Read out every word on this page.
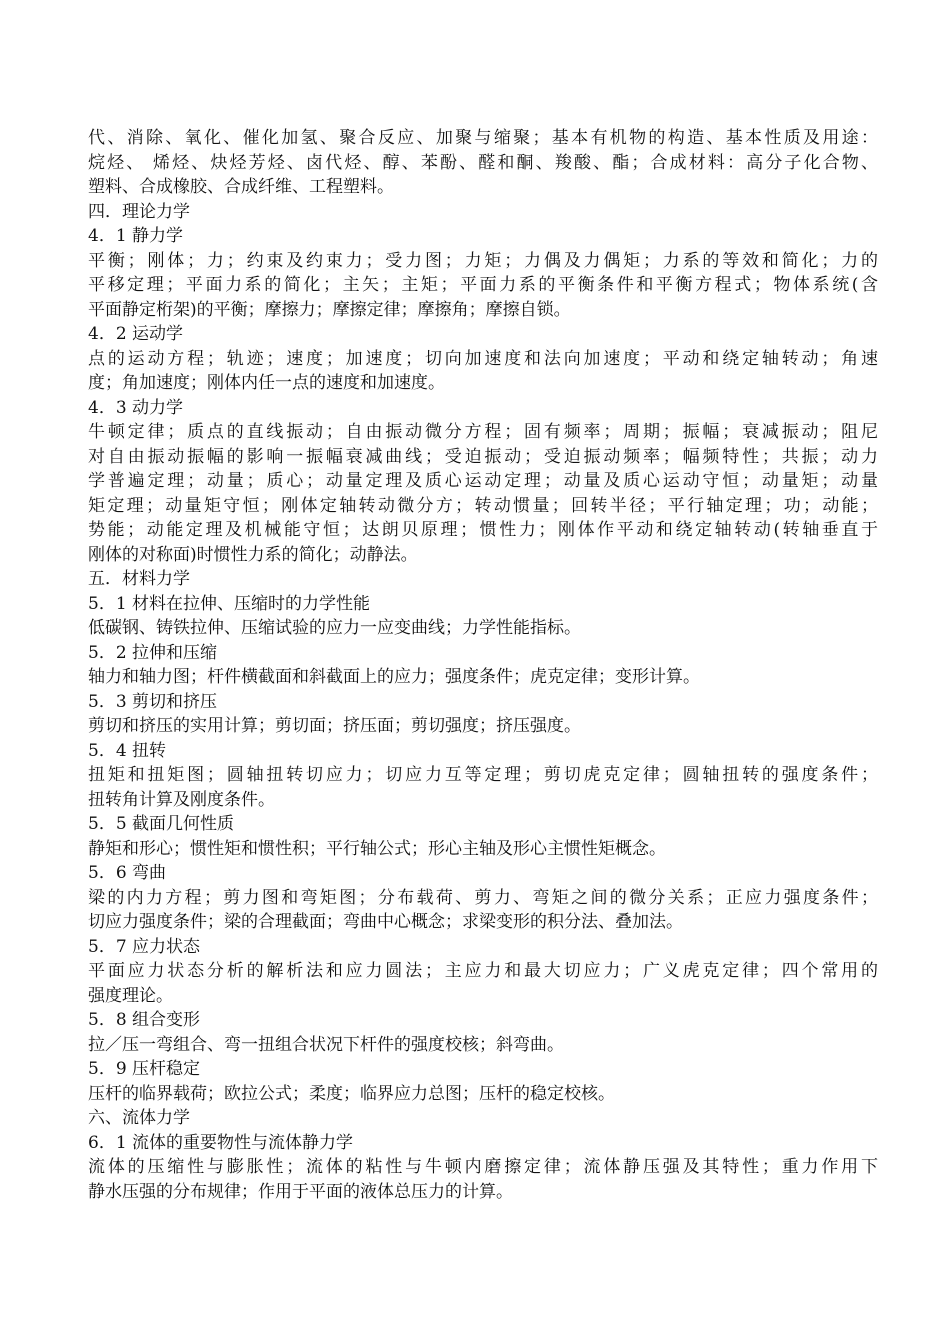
代、消除、氧化、催化加氢、聚合反应、加聚与缩聚；基本有机物的构造、基本性质及用途：
烷烃、 烯烃、炔烃芳烃、卤代烃、醇、苯酚、醛和酮、羧酸、酯；合成材料：高分子化合物、
塑料、合成橡胶、合成纤维、工程塑料。
四．理论力学
4．1 静力学
平衡；刚体；力；约束及约束力；受力图；力矩；力偶及力偶矩；力系的等效和简化；力的
平移定理；平面力系的简化；主矢；主矩；平面力系的平衡条件和平衡方程式；物体系统(含
平面静定桁架)的平衡；摩擦力；摩擦定律；摩擦角；摩擦自锁。
4．2 运动学
点的运动方程；轨迹；速度；加速度；切向加速度和法向加速度；平动和绕定轴转动；角速
度；角加速度；刚体内任一点的速度和加速度。
4．3 动力学
牛顿定律；质点的直线振动；自由振动微分方程；固有频率；周期；振幅；衰减振动；阻尼
对自由振动振幅的影响一振幅衰减曲线；受迫振动；受迫振动频率；幅频特性；共振；动力
学普遍定理；动量；质心；动量定理及质心运动定理；动量及质心运动守恒；动量矩；动量
矩定理；动量矩守恒；刚体定轴转动微分方；转动惯量；回转半径；平行轴定理；功；动能；
势能；动能定理及机械能守恒；达朗贝原理；惯性力；刚体作平动和绕定轴转动(转轴垂直于
刚体的对称面)时惯性力系的简化；动静法。
五．材料力学
5．1 材料在拉伸、压缩时的力学性能
低碳钢、铸铁拉伸、压缩试验的应力一应变曲线；力学性能指标。
5．2 拉伸和压缩
轴力和轴力图；杆件横截面和斜截面上的应力；强度条件；虎克定律；变形计算。
5．3 剪切和挤压
剪切和挤压的实用计算；剪切面；挤压面；剪切强度；挤压强度。
5．4 扭转
扭矩和扭矩图；圆轴扭转切应力；切应力互等定理；剪切虎克定律；圆轴扭转的强度条件；
扭转角计算及刚度条件。
5．5 截面几何性质
静矩和形心；惯性矩和惯性积；平行轴公式；形心主轴及形心主惯性矩概念。
5．6 弯曲
梁的内力方程；剪力图和弯矩图；分布载荷、剪力、弯矩之间的微分关系；正应力强度条件；
切应力强度条件；梁的合理截面；弯曲中心概念；求梁变形的积分法、叠加法。
5．7 应力状态
平面应力状态分析的解析法和应力圆法；主应力和最大切应力；广义虎克定律；四个常用的
强度理论。
5．8 组合变形
拉／压一弯组合、弯一扭组合状况下杆件的强度校核；斜弯曲。
5．9 压杆稳定
压杆的临界载荷；欧拉公式；柔度；临界应力总图；压杆的稳定校核。
六、流体力学
6．1 流体的重要物性与流体静力学
流体的压缩性与膨胀性；流体的粘性与牛顿内磨擦定律；流体静压强及其特性；重力作用下
静水压强的分布规律；作用于平面的液体总压力的计算。
